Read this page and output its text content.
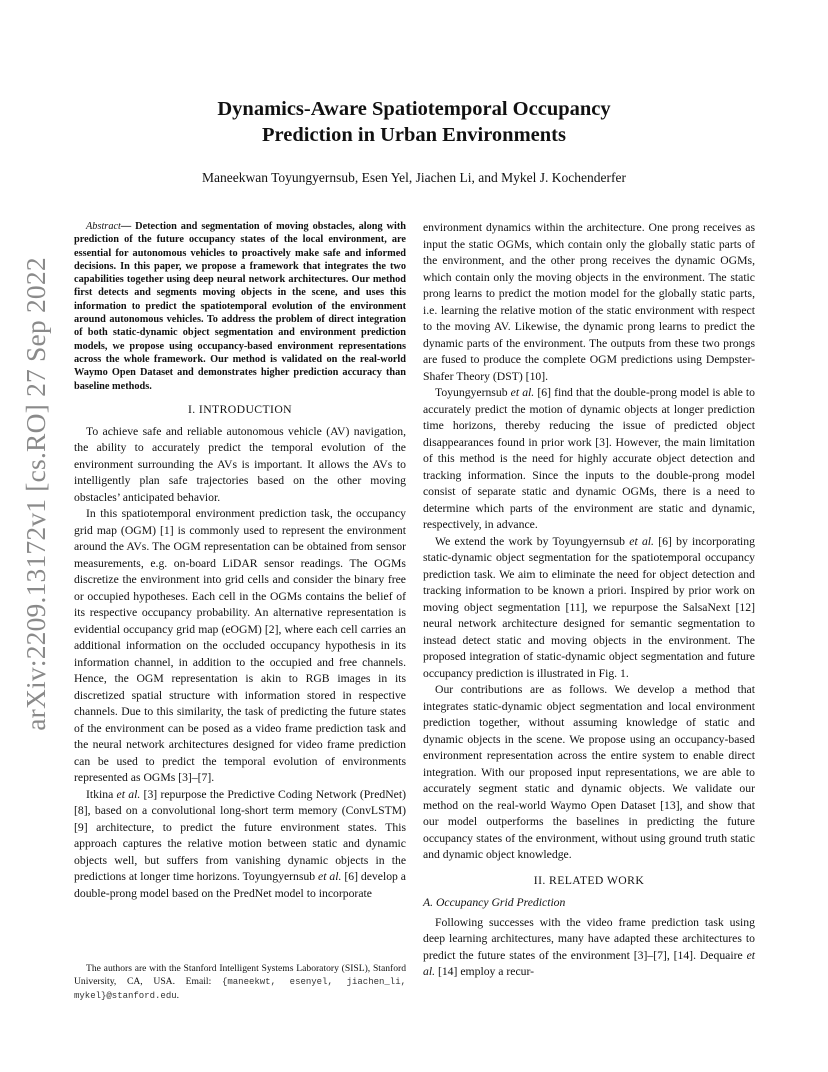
arXiv:2209.13172v1 [cs.RO] 27 Sep 2022
Dynamics-Aware Spatiotemporal Occupancy
Prediction in Urban Environments

Maneekwan Toyungyernsub, Esen Yel, Jiachen Li, and Mykel J. Kochenderfer

Abstract— Detection and segmentation of moving obstacles, along with prediction of the future occupancy states of the local environment, are essential for autonomous vehicles to proactively make safe and informed decisions. In this paper, we propose a framework that integrates the two capabilities together using deep neural network architectures. Our method first detects and segments moving objects in the scene, and uses this information to predict the spatiotemporal evolution of the environment around autonomous vehicles. To address the problem of direct integration of both static-dynamic object segmentation and environment prediction models, we propose using occupancy-based environment representations across the whole framework. Our method is validated on the real-world Waymo Open Dataset and demonstrates higher prediction accuracy than baseline methods.

I. INTRODUCTION

To achieve safe and reliable autonomous vehicle (AV) navigation, the ability to accurately predict the temporal evolution of the environment surrounding the AVs is important. It allows the AVs to intelligently plan safe trajectories based on the other moving obstacles’ anticipated behavior.

In this spatiotemporal environment prediction task, the occupancy grid map (OGM) [1] is commonly used to represent the environment around the AVs. The OGM representation can be obtained from sensor measurements, e.g. on-board LiDAR sensor readings. The OGMs discretize the environment into grid cells and consider the binary free or occupied hypotheses. Each cell in the OGMs contains the belief of its respective occupancy probability. An alternative representation is evidential occupancy grid map (eOGM) [2], where each cell carries an additional information on the occluded occupancy hypothesis in its information channel, in addition to the occupied and free channels. Hence, the OGM representation is akin to RGB images in its discretized spatial structure with information stored in respective channels. Due to this similarity, the task of predicting the future states of the environment can be posed as a video frame prediction task and the neural network architectures designed for video frame prediction can be used to predict the temporal evolution of environments represented as OGMs [3]–[7].

Itkina et al. [3] repurpose the Predictive Coding Network (PredNet) [8], based on a convolutional long-short term memory (ConvLSTM) [9] architecture, to predict the future environment states. This approach captures the relative motion between static and dynamic objects well, but suffers from vanishing dynamic objects in the predictions at longer time horizons. Toyungyernsub et al. [6] develop a double-prong model based on the PredNet model to incorporate

The authors are with the Stanford Intelligent Systems Laboratory (SISL), Stanford University, CA, USA. Email: {maneekwt, esenyel, jiachen_li, mykel}@stanford.edu.

environment dynamics within the architecture. One prong receives as input the static OGMs, which contain only the globally static parts of the environment, and the other prong receives the dynamic OGMs, which contain only the moving objects in the environment. The static prong learns to predict the motion model for the globally static parts, i.e. learning the relative motion of the static environment with respect to the moving AV. Likewise, the dynamic prong learns to predict the dynamic parts of the environment. The outputs from these two prongs are fused to produce the complete OGM predictions using Dempster-Shafer Theory (DST) [10].

Toyungyernsub et al. [6] find that the double-prong model is able to accurately predict the motion of dynamic objects at longer prediction time horizons, thereby reducing the issue of predicted object disappearances found in prior work [3]. However, the main limitation of this method is the need for highly accurate object detection and tracking information. Since the inputs to the double-prong model consist of separate static and dynamic OGMs, there is a need to determine which parts of the environment are static and dynamic, respectively, in advance.

We extend the work by Toyungyernsub et al. [6] by incorporating static-dynamic object segmentation for the spatiotemporal occupancy prediction task. We aim to eliminate the need for object detection and tracking information to be known a priori. Inspired by prior work on moving object segmentation [11], we repurpose the SalsaNext [12] neural network architecture designed for semantic segmentation to instead detect static and moving objects in the environment. The proposed integration of static-dynamic object segmentation and future occupancy prediction is illustrated in Fig. 1.

Our contributions are as follows. We develop a method that integrates static-dynamic object segmentation and local environment prediction together, without assuming knowledge of static and dynamic objects in the scene. We propose using an occupancy-based environment representation across the entire system to enable direct integration. With our proposed input representations, we are able to accurately segment static and dynamic objects. We validate our method on the real-world Waymo Open Dataset [13], and show that our model outperforms the baselines in predicting the future occupancy states of the environment, without using ground truth static and dynamic object knowledge.

II. RELATED WORK
A. Occupancy Grid Prediction

Following successes with the video frame prediction task using deep learning architectures, many have adapted these architectures to predict the future states of the environment [3]–[7], [14]. Dequaire et al. [14] employ a recur-
